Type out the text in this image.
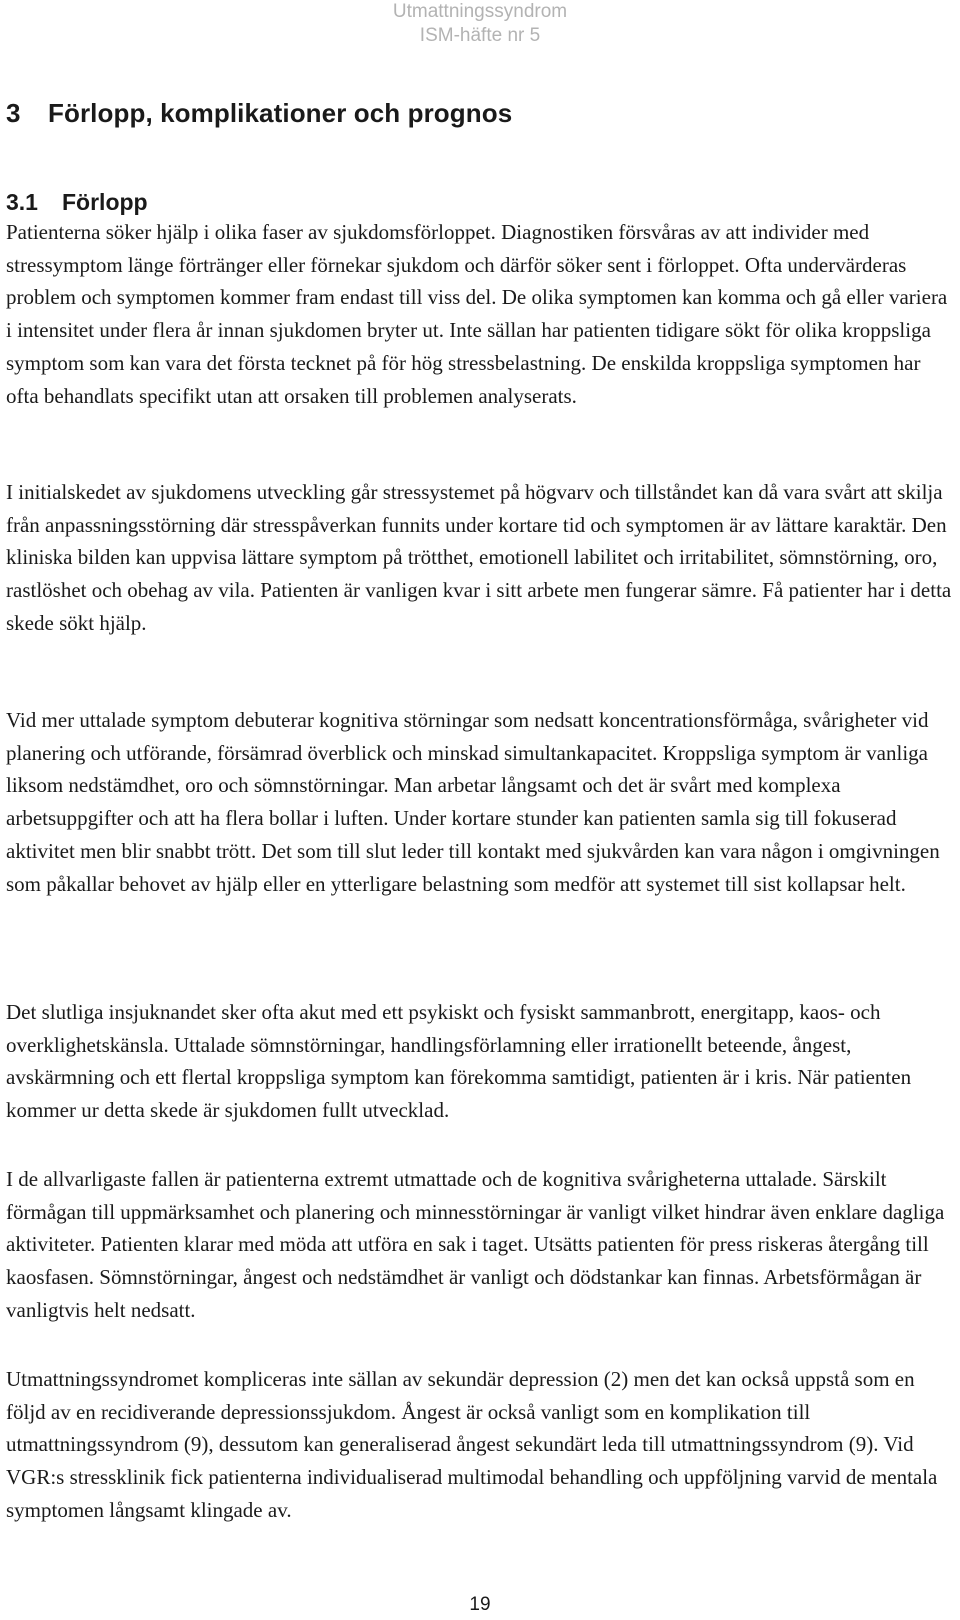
Utmattningssyndrom
ISM-häfte nr 5
3 Förlopp, komplikationer och prognos
3.1 Förlopp

Patienterna söker hjälp i olika faser av sjukdomsförloppet. Diagnostiken försvåras av att individer med stressymptom länge förtränger eller förnekar sjukdom och därför söker sent i förloppet. Ofta undervärderas problem och symptomen kommer fram endast till viss del. De olika symptomen kan komma och gå eller variera i intensitet under flera år innan sjukdomen bryter ut. Inte sällan har patienten tidigare sökt för olika kroppsliga symptom som kan vara det första tecknet på för hög stressbelastning. De enskilda kroppsliga symptomen har ofta behandlats specifikt utan att orsaken till problemen analyserats.

I initialskedet av sjukdomens utveckling går stressystemet på högvarv och tillståndet kan då vara svårt att skilja från anpassningsstörning där stresspåverkan funnits under kortare tid och symptomen är av lättare karaktär. Den kliniska bilden kan uppvisa lättare symptom på trötthet, emotionell labilitet och irritabilitet, sömnstörning, oro, rastlöshet och obehag av vila. Patienten är vanligen kvar i sitt arbete men fungerar sämre. Få patienter har i detta skede sökt hjälp.

Vid mer uttalade symptom debuterar kognitiva störningar som nedsatt koncentrationsförmåga, svårigheter vid planering och utförande, försämrad överblick och minskad simultankapacitet. Kroppsliga symptom är vanliga liksom nedstämdhet, oro och sömnstörningar. Man arbetar långsamt och det är svårt med komplexa arbetsuppgifter och att ha flera bollar i luften. Under kortare stunder kan patienten samla sig till fokuserad aktivitet men blir snabbt trött. Det som till slut leder till kontakt med sjukvården kan vara någon i omgivningen som påkallar behovet av hjälp eller en ytterligare belastning som medför att systemet till sist kollapsar helt.

Det slutliga insjuknandet sker ofta akut med ett psykiskt och fysiskt sammanbrott, energitapp, kaos- och overklighetskänsla. Uttalade sömnstörningar, handlingsförlamning eller irrationellt beteende, ångest, avskärmning och ett flertal kroppsliga symptom kan förekomma samtidigt, patienten är i kris. När patienten kommer ur detta skede är sjukdomen fullt utvecklad.

I de allvarligaste fallen är patienterna extremt utmattade och de kognitiva svårigheterna uttalade. Särskilt förmågan till uppmärksamhet och planering och minnesstörningar är vanligt vilket hindrar även enklare dagliga aktiviteter. Patienten klarar med möda att utföra en sak i taget. Utsätts patienten för press riskeras återgång till kaosfasen. Sömnstörningar, ångest och nedstämdhet är vanligt och dödstankar kan finnas. Arbetsförmågan är vanligtvis helt nedsatt.

Utmattningssyndromet kompliceras inte sällan av sekundär depression (2) men det kan också uppstå som en följd av en recidiverande depressionssjukdom. Ångest är också vanligt som en komplikation till utmattningssyndrom (9), dessutom kan generaliserad ångest sekundärt leda till utmattningssyndrom (9). Vid VGR:s stressklinik fick patienterna individualiserad multimodal behandling och uppföljning varvid de mentala symptomen långsamt klingade av.

19
